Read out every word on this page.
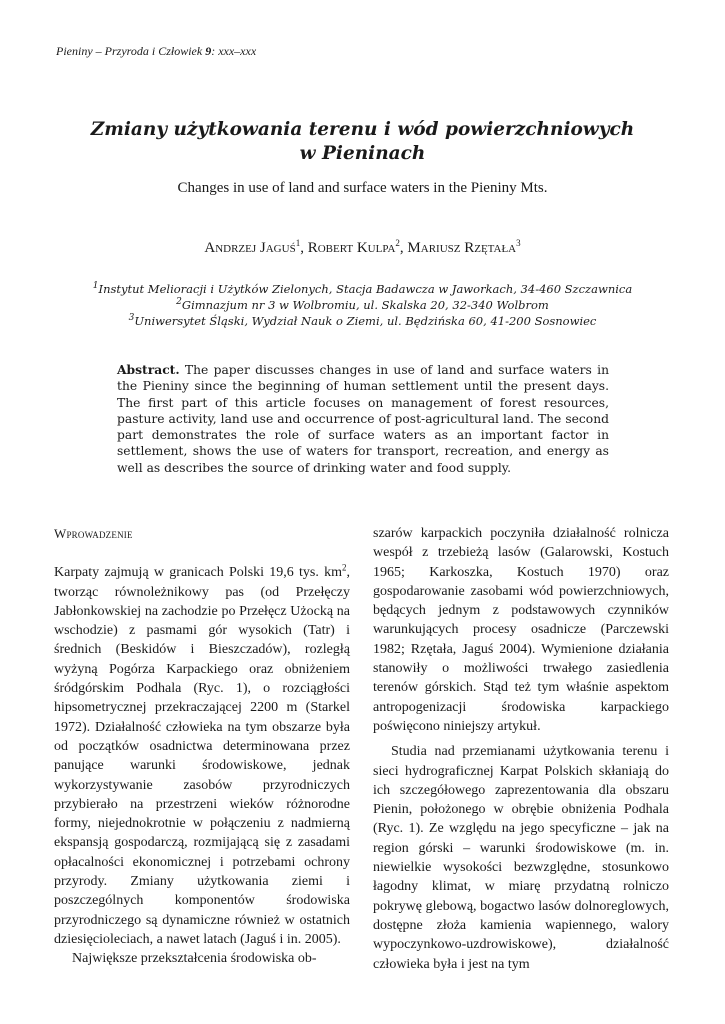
Pieniny – Przyroda i Człowiek 9: xxx–xxx
Zmiany użytkowania terenu i wód powierzchniowych
w Pieninach
Changes in use of land and surface waters in the Pieniny Mts.
Andrzej Jaguś$^1$, Robert Kulpa$^2$, Mariusz Rzętała$^3$
$^1$Instytut Melioracji i Użytków Zielonych, Stacja Badawcza w Jaworkach, 34-460 Szczawnica
$^2$Gimnazjum nr 3 w Wolbromiu, ul. Skalska 20, 32-340 Wolbrom
$^3$Uniwersytet Śląski, Wydział Nauk o Ziemi, ul. Będzińska 60, 41-200 Sosnowiec
Abstract. The paper discusses changes in use of land and surface waters in the Pieniny since the beginning of human settlement until the present days. The first part of this article focuses on management of forest resources, pasture activity, land use and occurrence of post-agricultural land. The second part demonstrates the role of surface waters as an important factor in settlement, shows the use of waters for transport, recreation, and energy as well as describes the source of drinking water and food supply.
Wprowadzenie

Karpaty zajmują w granicach Polski 19,6 tys. $km^2$, tworząc równoleżnikowy pas (od Przełęczy Jabłonkowskiej na zachodzie po Przełęcz Użocką na wschodzie) z pasmami gór wysokich (Tatr) i średnich (Beskidów i Bieszczadów), rozległą wyżyną Pogórza Karpackiego oraz obniżeniem śródgórskim Podhala (Ryc. 1), o rozciągłości hipsometrycznej przekraczającej 2200 m (Starkel 1972). Działalność człowieka na tym obszarze była od początków osadnictwa determinowana przez panujące warunki środowiskowe, jednak wykorzystywanie zasobów przyrodniczych przybierało na przestrzeni wieków różnorodne formy, niejednokrotnie w połączeniu z nadmierną ekspansją gospodarczą, rozmijającą się z zasadami opłacalności ekonomicznej i potrzebami ochrony przyrody. Zmiany użytkowania ziemi i poszczególnych komponentów środowiska przyrodniczego są dynamiczne również w ostatnich dziesięcioleciach, a nawet latach (Jaguś i in. 2005).

Największe przekształcenia środowiska ob-

szarów karpackich poczyniła działalność rolnicza wespół z trzebieżą lasów (Galarowski, Kostuch 1965; Karkoszka, Kostuch 1970) oraz gospodarowanie zasobami wód powierzchniowych, będących jednym z podstawowych czynników warunkujących procesy osadnicze (Parczewski 1982; Rzętała, Jaguś 2004). Wymienione działania stanowiły o możliwości trwałego zasiedlenia terenów górskich. Stąd też tym właśnie aspektom antropogenizacji środowiska karpackiego poświęcono niniejszy artykuł.

Studia nad przemianami użytkowania terenu i sieci hydrograficznej Karpat Polskich skłaniają do ich szczegółowego zaprezentowania dla obszaru Pienin, położonego w obrębie obniżenia Podhala (Ryc. 1). Ze względu na jego specyficzne – jak na region górski – warunki środowiskowe (m. in. niewielkie wysokości bezwzględne, stosunkowo łagodny klimat, w miarę przydatną rolniczo pokrywę glebową, bogactwo lasów dolnoreglowych, dostępne złoża kamienia wapiennego, walory wypoczynkowo-uzdrowiskowe), działalność człowieka była i jest na tym
